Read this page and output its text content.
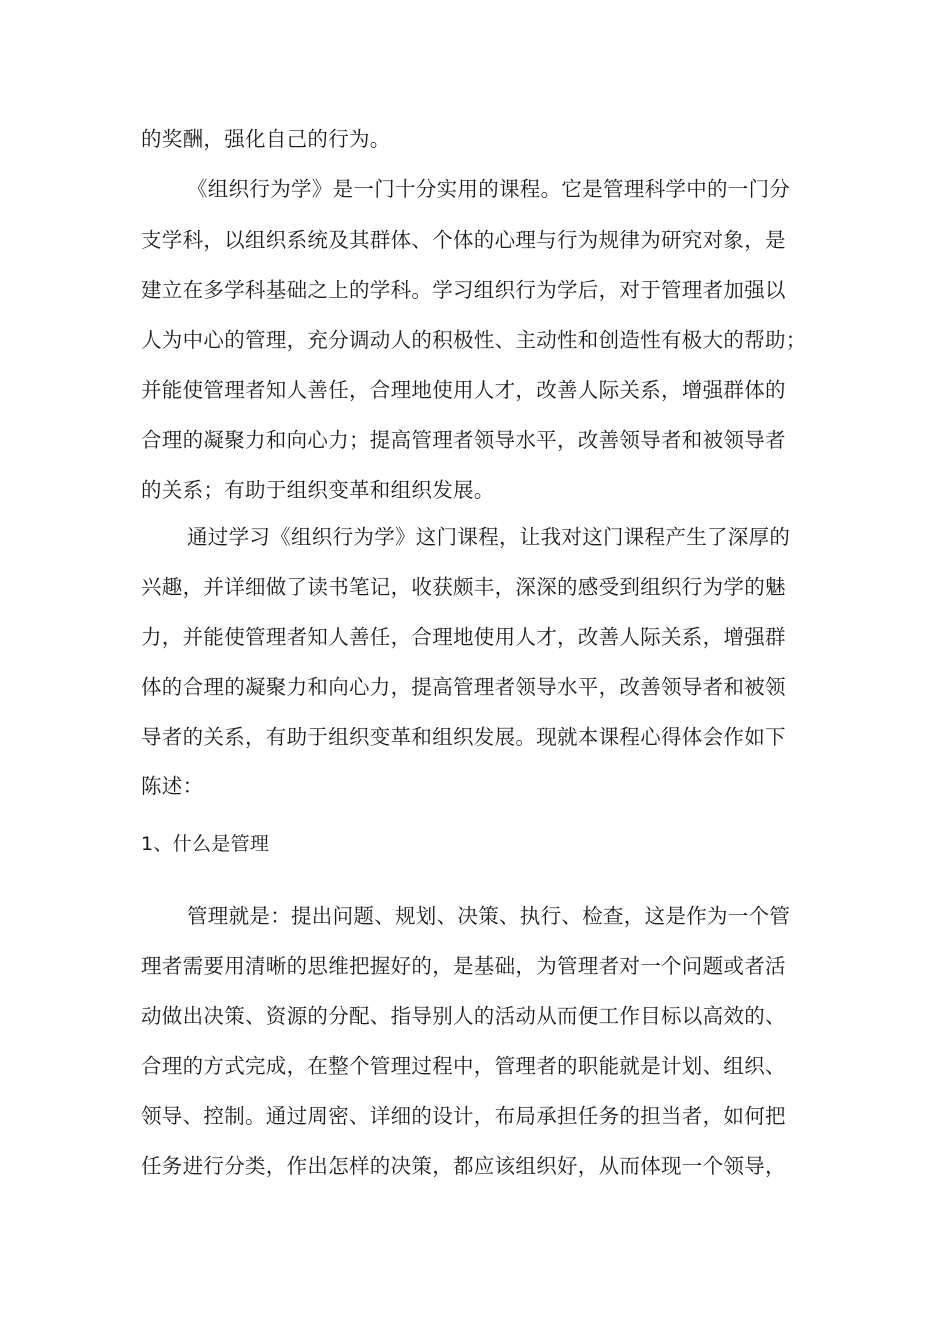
的奖酬，强化自己的行为。

《组织行为学》是一门十分实用的课程。它是管理科学中的一门分

支学科，以组织系统及其群体、个体的心理与行为规律为研究对象，是

建立在多学科基础之上的学科。学习组织行为学后，对于管理者加强以

人为中心的管理，充分调动人的积极性、主动性和创造性有极大的帮助；

并能使管理者知人善任，合理地使用人才，改善人际关系，增强群体的

合理的凝聚力和向心力；提高管理者领导水平，改善领导者和被领导者

的关系；有助于组织变革和组织发展。

通过学习《组织行为学》这门课程，让我对这门课程产生了深厚的

兴趣，并详细做了读书笔记，收获颇丰，深深的感受到组织行为学的魅

力，并能使管理者知人善任，合理地使用人才，改善人际关系，增强群

体的合理的凝聚力和向心力，提高管理者领导水平，改善领导者和被领

导者的关系，有助于组织变革和组织发展。现就本课程心得体会作如下

陈述：

1、什么是管理

管理就是：提出问题、规划、决策、执行、检查，这是作为一个管

理者需要用清晰的思维把握好的，是基础，为管理者对一个问题或者活

动做出决策、资源的分配、指导别人的活动从而便工作目标以高效的、

合理的方式完成，在整个管理过程中，管理者的职能就是计划、组织、

领导、控制。通过周密、详细的设计，布局承担任务的担当者，如何把

任务进行分类，作出怎样的决策，都应该组织好，从而体现一个领导，
